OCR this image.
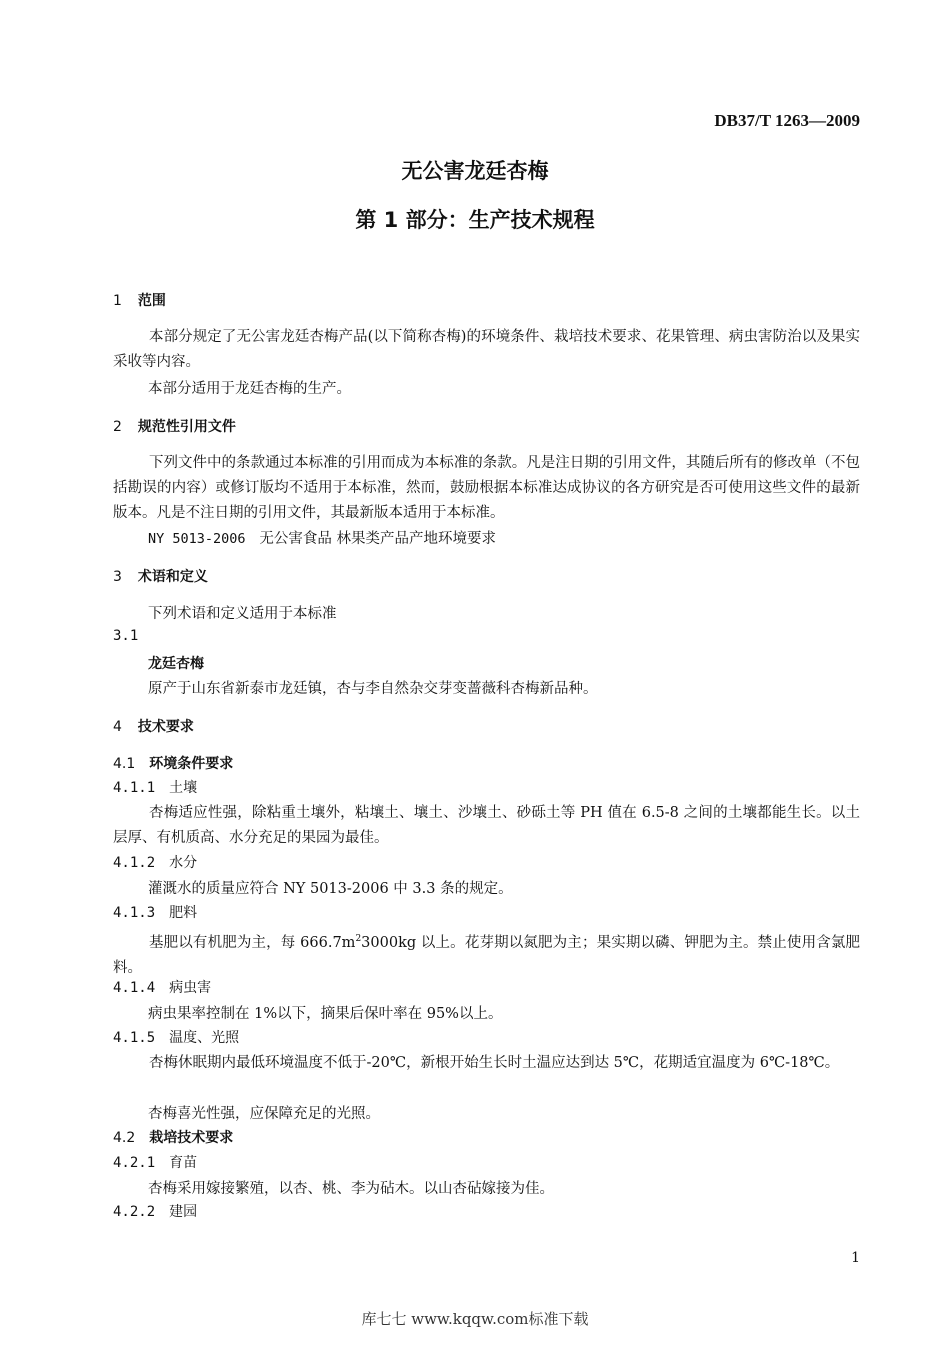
DB37/T 1263—2009
无公害龙廷杏梅
第 1 部分：生产技术规程
1 范围
本部分规定了无公害龙廷杏梅产品(以下简称杏梅)的环境条件、栽培技术要求、花果管理、病虫害防治以及果实采收等内容。
本部分适用于龙廷杏梅的生产。
2 规范性引用文件
下列文件中的条款通过本标准的引用而成为本标准的条款。凡是注日期的引用文件，其随后所有的修改单（不包括勘误的内容）或修订版均不适用于本标准，然而，鼓励根据本标准达成协议的各方研究是否可使用这些文件的最新版本。凡是不注日期的引用文件，其最新版本适用于本标准。
NY 5013-2006 无公害食品 林果类产品产地环境要求
3 术语和定义
下列术语和定义适用于本标准
3.1
龙廷杏梅
原产于山东省新泰市龙廷镇，杏与李自然杂交芽变蔷薇科杏梅新品种。
4 技术要求
4.1 环境条件要求
4.1.1 土壤
杏梅适应性强，除粘重土壤外，粘壤土、壤土、沙壤土、砂砾土等 PH 值在 6.5-8 之间的土壤都能生长。以土层厚、有机质高、水分充足的果园为最佳。
4.1.2 水分
灌溉水的质量应符合 NY 5013-2006 中 3.3 条的规定。
4.1.3 肥料
基肥以有机肥为主，每 $666.7m^23000kg$ 以上。花芽期以氮肥为主；果实期以磷、钾肥为主。禁止使用含氯肥料。
4.1.4 病虫害
病虫果率控制在 1%以下，摘果后保叶率在 95%以上。
4.1.5 温度、光照
杏梅休眠期内最低环境温度不低于-20℃，新根开始生长时土温应达到达 5℃，花期适宜温度为 6℃-18℃。
杏梅喜光性强，应保障充足的光照。
4.2 栽培技术要求
4.2.1 育苗
杏梅采用嫁接繁殖，以杏、桃、李为砧木。以山杏砧嫁接为佳。
4.2.2 建园
1
库七七 www.kqqw.com标准下载
